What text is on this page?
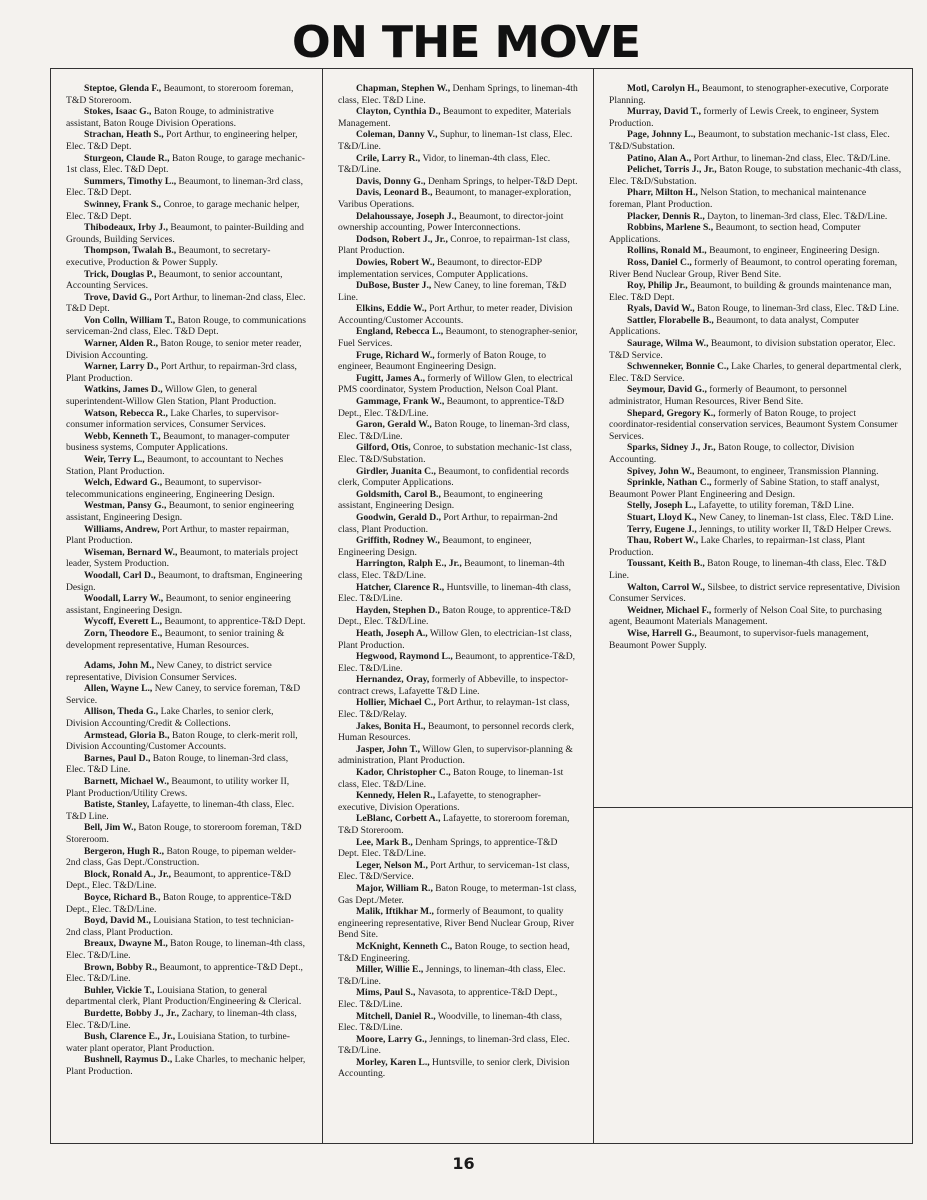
ON THE MOVE

Steptoe, Glenda F., Beaumont, to storeroom foreman, T&D Storeroom.

Stokes, Isaac G., Baton Rouge, to administrative assistant, Baton Rouge Division Operations.

Strachan, Heath S., Port Arthur, to engineering helper, Elec. T&D Dept.

Sturgeon, Claude R., Baton Rouge, to garage mechanic-1st class, Elec. T&D Dept.

Summers, Timothy L., Beaumont, to lineman-3rd class, Elec. T&D Dept.

Swinney, Frank S., Conroe, to garage mechanic helper, Elec. T&D Dept.

Thibodeaux, Irby J., Beaumont, to painter-Building and Grounds, Building Services.

Thompson, Twalah B., Beaumont, to secretary-executive, Production & Power Supply.

Trick, Douglas P., Beaumont, to senior accountant, Accounting Services.

Trove, David G., Port Arthur, to lineman-2nd class, Elec. T&D Dept.

Von Colln, William T., Baton Rouge, to communications serviceman-2nd class, Elec. T&D Dept.

Warner, Alden R., Baton Rouge, to senior meter reader, Division Accounting.

Warner, Larry D., Port Arthur, to repairman-3rd class, Plant Production.

Watkins, James D., Willow Glen, to general superintendent-Willow Glen Station, Plant Production.

Watson, Rebecca R., Lake Charles, to supervisor-consumer information services, Consumer Services.

Webb, Kenneth T., Beaumont, to manager-computer business systems, Computer Applications.

Weir, Terry L., Beaumont, to accountant to Neches Station, Plant Production.

Welch, Edward G., Beaumont, to supervisor-telecommunications engineering, Engineering Design.

Westman, Pansy G., Beaumont, to senior engineering assistant, Engineering Design.

Williams, Andrew, Port Arthur, to master repairman, Plant Production.

Wiseman, Bernard W., Beaumont, to materials project leader, System Production.

Woodall, Carl D., Beaumont, to draftsman, Engineering Design.

Woodall, Larry W., Beaumont, to senior engineering assistant, Engineering Design.

Wycoff, Everett L., Beaumont, to apprentice-T&D Dept.

Zorn, Theodore E., Beaumont, to senior training & development representative, Human Resources.

Adams, John M., New Caney, to district service representative, Division Consumer Services.

Allen, Wayne L., New Caney, to service foreman, T&D Service.

Allison, Theda G., Lake Charles, to senior clerk, Division Accounting/Credit & Collections.

Armstead, Gloria B., Baton Rouge, to clerk-merit roll, Division Accounting/Customer Accounts.

Barnes, Paul D., Baton Rouge, to lineman-3rd class, Elec. T&D Line.

Barnett, Michael W., Beaumont, to utility worker II, Plant Production/Utility Crews.

Batiste, Stanley, Lafayette, to lineman-4th class, Elec. T&D Line.

Bell, Jim W., Baton Rouge, to storeroom foreman, T&D Storeroom.

Bergeron, Hugh R., Baton Rouge, to pipeman welder-2nd class, Gas Dept./Construction.

Block, Ronald A., Jr., Beaumont, to apprentice-T&D Dept., Elec. T&D/Line.

Boyce, Richard B., Baton Rouge, to apprentice-T&D Dept., Elec. T&D/Line.

Boyd, David M., Louisiana Station, to test technician-2nd class, Plant Production.

Breaux, Dwayne M., Baton Rouge, to lineman-4th class, Elec. T&D/Line.

Brown, Bobby R., Beaumont, to apprentice-T&D Dept., Elec. T&D/Line.

Buhler, Vickie T., Louisiana Station, to general departmental clerk, Plant Production/Engineering & Clerical.

Burdette, Bobby J., Jr., Zachary, to lineman-4th class, Elec. T&D/Line.

Bush, Clarence E., Jr., Louisiana Station, to turbine-water plant operator, Plant Production.

Bushnell, Raymus D., Lake Charles, to mechanic helper, Plant Production.

Chapman, Stephen W., Denham Springs, to lineman-4th class, Elec. T&D Line.

Clayton, Cynthia D., Beaumont to expediter, Materials Management.

Coleman, Danny V., Suphur, to lineman-1st class, Elec. T&D/Line.

Crile, Larry R., Vidor, to lineman-4th class, Elec. T&D/Line.

Davis, Donny G., Denham Springs, to helper-T&D Dept.

Davis, Leonard B., Beaumont, to manager-exploration, Varibus Operations.

Delahoussaye, Joseph J., Beaumont, to director-joint ownership accounting, Power Interconnections.

Dodson, Robert J., Jr., Conroe, to repairman-1st class, Plant Production.

Dowies, Robert W., Beaumont, to director-EDP implementation services, Computer Applications.

DuBose, Buster J., New Caney, to line foreman, T&D Line.

Elkins, Eddie W., Port Arthur, to meter reader, Division Accounting/Customer Accounts.

England, Rebecca L., Beaumont, to stenographer-senior, Fuel Services.

Fruge, Richard W., formerly of Baton Rouge, to engineer, Beaumont Engineering Design.

Fugitt, James A., formerly of Willow Glen, to electrical PMS coordinator, System Production, Nelson Coal Plant.

Gammage, Frank W., Beaumont, to apprentice-T&D Dept., Elec. T&D/Line.

Garon, Gerald W., Baton Rouge, to lineman-3rd class, Elec. T&D/Line.

Gilford, Otis, Conroe, to substation mechanic-1st class, Elec. T&D/Substation.

Girdler, Juanita C., Beaumont, to confidential records clerk, Computer Applications.

Goldsmith, Carol B., Beaumont, to engineering assistant, Engineering Design.

Goodwin, Gerald D., Port Arthur, to repairman-2nd class, Plant Production.

Griffith, Rodney W., Beaumont, to engineer, Engineering Design.

Harrington, Ralph E., Jr., Beaumont, to lineman-4th class, Elec. T&D/Line.

Hatcher, Clarence R., Huntsville, to lineman-4th class, Elec. T&D/Line.

Hayden, Stephen D., Baton Rouge, to apprentice-T&D Dept., Elec. T&D/Line.

Heath, Joseph A., Willow Glen, to electrician-1st class, Plant Production.

Hegwood, Raymond L., Beaumont, to apprentice-T&D, Elec. T&D/Line.

Hernandez, Oray, formerly of Abbeville, to inspector-contract crews, Lafayette T&D Line.

Hollier, Michael C., Port Arthur, to relayman-1st class, Elec. T&D/Relay.

Jakes, Bonita H., Beaumont, to personnel records clerk, Human Resources.

Jasper, John T., Willow Glen, to supervisor-planning & administration, Plant Production.

Kador, Christopher C., Baton Rouge, to lineman-1st class, Elec. T&D/Line.

Kennedy, Helen R., Lafayette, to stenographer-executive, Division Operations.

LeBlanc, Corbett A., Lafayette, to storeroom foreman, T&D Storeroom.

Lee, Mark B., Denham Springs, to apprentice-T&D Dept. Elec. T&D/Line.

Leger, Nelson M., Port Arthur, to serviceman-1st class, Elec. T&D/Service.

Major, William R., Baton Rouge, to meterman-1st class, Gas Dept./Meter.

Malik, Iftikhar M., formerly of Beaumont, to quality engineering representative, River Bend Nuclear Group, River Bend Site.

McKnight, Kenneth C., Baton Rouge, to section head, T&D Engineering.

Miller, Willie E., Jennings, to lineman-4th class, Elec. T&D/Line.

Mims, Paul S., Navasota, to apprentice-T&D Dept., Elec. T&D/Line.

Mitchell, Daniel R., Woodville, to lineman-4th class, Elec. T&D/Line.

Moore, Larry G., Jennings, to lineman-3rd class, Elec. T&D/Line.

Morley, Karen L., Huntsville, to senior clerk, Division Accounting.

Motl, Carolyn H., Beaumont, to stenographer-executive, Corporate Planning.

Murray, David T., formerly of Lewis Creek, to engineer, System Production.

Page, Johnny L., Beaumont, to substation mechanic-1st class, Elec. T&D/Substation.

Patino, Alan A., Port Arthur, to lineman-2nd class, Elec. T&D/Line.

Pelichet, Torris J., Jr., Baton Rouge, to substation mechanic-4th class, Elec. T&D/Substation.

Pharr, Milton H., Nelson Station, to mechanical maintenance foreman, Plant Production.

Placker, Dennis R., Dayton, to lineman-3rd class, Elec. T&D/Line.

Robbins, Marlene S., Beaumont, to section head, Computer Applications.

Rollins, Ronald M., Beaumont, to engineer, Engineering Design.

Ross, Daniel C., formerly of Beaumont, to control operating foreman, River Bend Nuclear Group, River Bend Site.

Roy, Philip Jr., Beaumont, to building & grounds maintenance man, Elec. T&D Dept.

Ryals, David W., Baton Rouge, to lineman-3rd class, Elec. T&D Line.

Sattler, Florabelle B., Beaumont, to data analyst, Computer Applications.

Saurage, Wilma W., Beaumont, to division substation operator, Elec. T&D Service.

Schwenneker, Bonnie C., Lake Charles, to general departmental clerk, Elec. T&D Service.

Seymour, David G., formerly of Beaumont, to personnel administrator, Human Resources, River Bend Site.

Shepard, Gregory K., formerly of Baton Rouge, to project coordinator-residential conservation services, Beaumont System Consumer Services.

Sparks, Sidney J., Jr., Baton Rouge, to collector, Division Accounting.

Spivey, John W., Beaumont, to engineer, Transmission Planning.

Sprinkle, Nathan C., formerly of Sabine Station, to staff analyst, Beaumont Power Plant Engineering and Design.

Stelly, Joseph L., Lafayette, to utility foreman, T&D Line.

Stuart, Lloyd K., New Caney, to lineman-1st class, Elec. T&D Line.

Terry, Eugene J., Jennings, to utility worker II, T&D Helper Crews.

Thau, Robert W., Lake Charles, to repairman-1st class, Plant Production.

Toussant, Keith B., Baton Rouge, to lineman-4th class, Elec. T&D Line.

Walton, Carrol W., Silsbee, to district service representative, Division Consumer Services.

Weidner, Michael F., formerly of Nelson Coal Site, to purchasing agent, Beaumont Materials Management.

Wise, Harrell G., Beaumont, to supervisor-fuels management, Beaumont Power Supply.

16
